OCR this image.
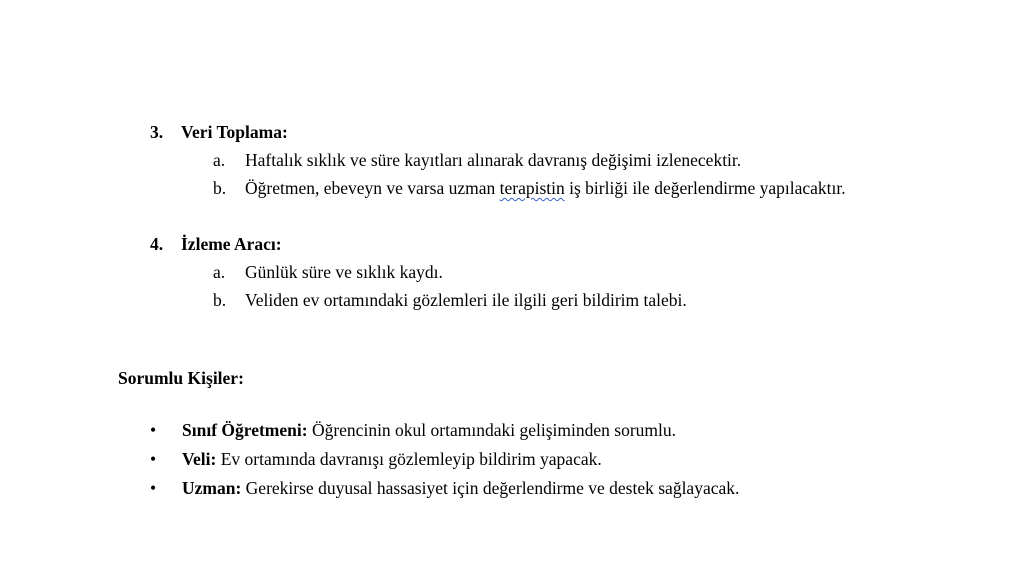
3. Veri Toplama:
a. Haftalık sıklık ve süre kayıtları alınarak davranış değişimi izlenecektir.
b. Öğretmen, ebeveyn ve varsa uzman terapistin iş birliği ile değerlendirme yapılacaktır.
4. İzleme Aracı:
a. Günlük süre ve sıklık kaydı.
b. Veliden ev ortamındaki gözlemleri ile ilgili geri bildirim talebi.
Sorumlu Kişiler:
• Sınıf Öğretmeni: Öğrencinin okul ortamındaki gelişiminden sorumlu.
• Veli: Ev ortamında davranışı gözlemleyip bildirim yapacak.
• Uzman: Gerekirse duyusal hassasiyet için değerlendirme ve destek sağlayacak.
